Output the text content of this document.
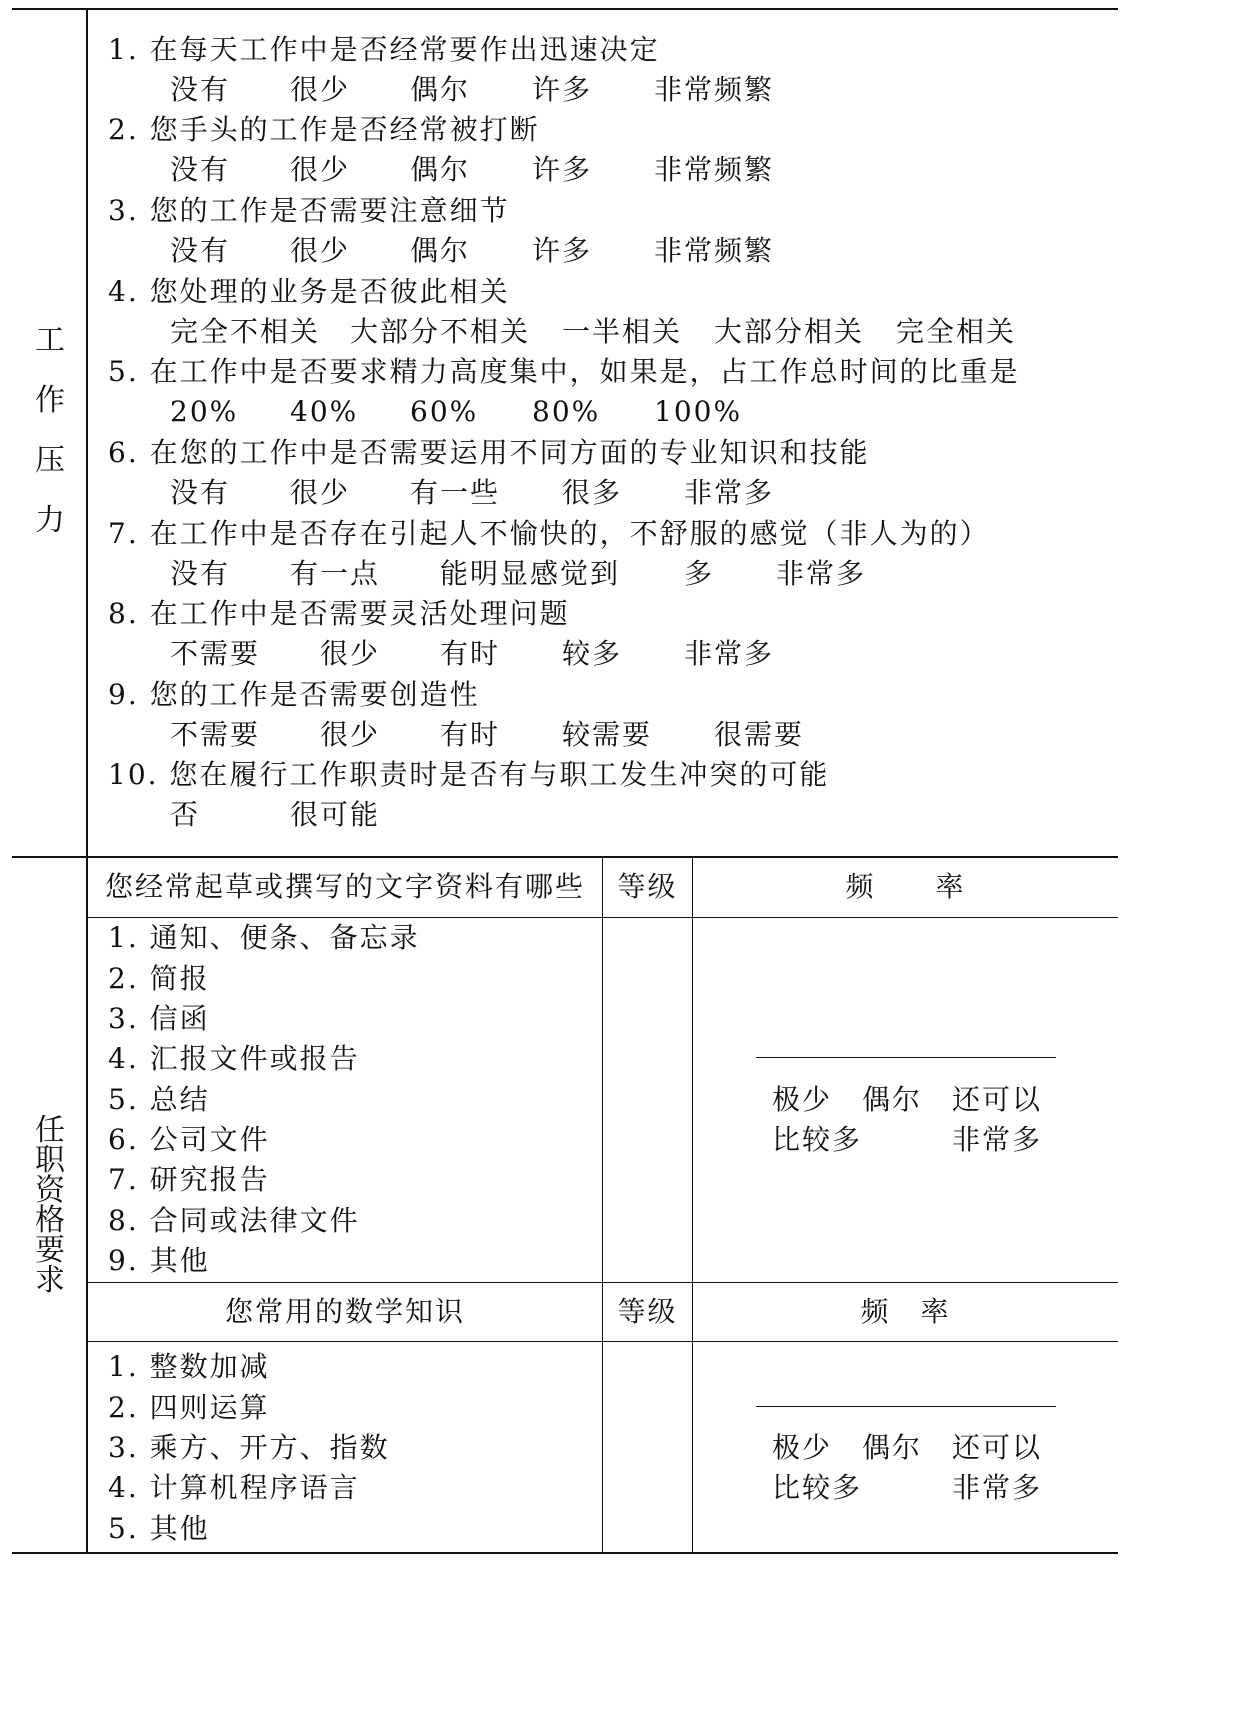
工
作
压
力
1. 在每天工作中是否经常要作出迅速决定
没有 很少 偶尔 许多 非常频繁
2. 您手头的工作是否经常被打断
没有 很少 偶尔 许多 非常频繁
3. 您的工作是否需要注意细节
没有 很少 偶尔 许多 非常频繁
4. 您处理的业务是否彼此相关
完全不相关 大部分不相关 一半相关 大部分相关 完全相关
5. 在工作中是否要求精力高度集中，如果是，占工作总时间的比重是
20% 40% 60% 80% 100%
6. 在您的工作中是否需要运用不同方面的专业知识和技能
没有 很少 有一些 很多 非常多
7. 在工作中是否存在引起人不愉快的，不舒服的感觉（非人为的）
没有 有一点 能明显感觉到 多 非常多
8. 在工作中是否需要灵活处理问题
不需要 很少 有时 较多 非常多
9. 您的工作是否需要创造性
不需要 很少 有时 较需要 很需要
10. 您在履行工作职责时是否有与职工发生冲突的可能
否	很可能
任
职
资
格
要
求
您经常起草或撰写的文字资料有哪些	等级	频　　率
1. 通知、便条、备忘录
2. 简报
3. 信函
4. 汇报文件或报告
5. 总结
6. 公司文件
7. 研究报告
8. 合同或法律文件
9. 其他
极少 偶尔 还可以
比较多	非常多
您常用的数学知识	等级	频　率
1. 整数加减
2. 四则运算
3. 乘方、开方、指数
4. 计算机程序语言
5. 其他
极少 偶尔 还可以
比较多	非常多
